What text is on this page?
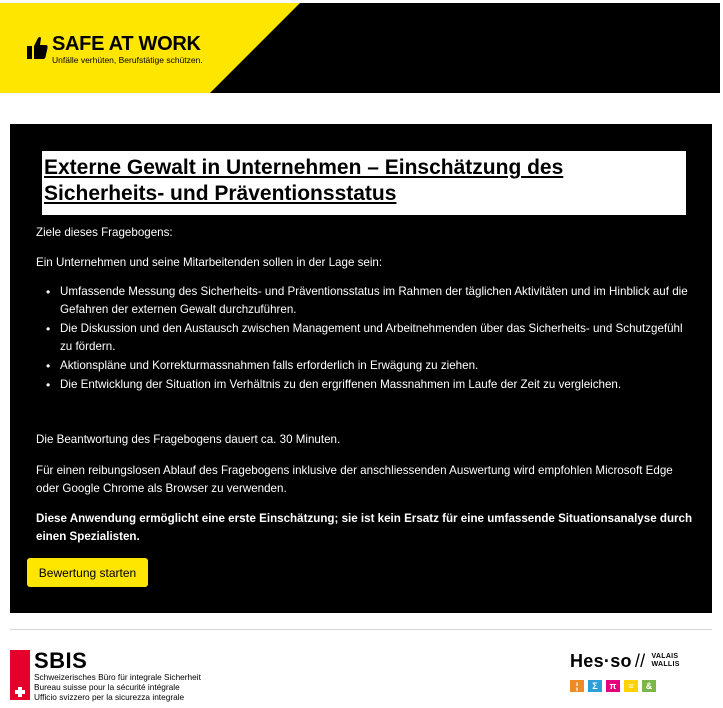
SAFE AT WORK
Unfälle verhüten, Berufstätige schützen.
Externe Gewalt in Unternehmen – Einschätzung des Sicherheits- und Präventionsstatus
Ziele dieses Fragebogens:
Ein Unternehmen und seine Mitarbeitenden sollen in der Lage sein:
• Umfassende Messung des Sicherheits- und Präventionsstatus im Rahmen der täglichen Aktivitäten und im Hinblick auf die Gefahren der externen Gewalt durchzuführen.
• Die Diskussion und den Austausch zwischen Management und Arbeitnehmenden über das Sicherheits- und Schutzgefühl zu fördern.
• Aktionspläne und Korrekturmassnahmen falls erforderlich in Erwägung zu ziehen.
• Die Entwicklung der Situation im Verhältnis zu den ergriffenen Massnahmen im Laufe der Zeit zu vergleichen.
Die Beantwortung des Fragebogens dauert ca. 30 Minuten.
Für einen reibungslosen Ablauf des Fragebogens inklusive der anschliessenden Auswertung wird empfohlen Microsoft Edge oder Google Chrome als Browser zu verwenden.
Diese Anwendung ermöglicht eine erste Einschätzung; sie ist kein Ersatz für eine umfassende Situationsanalyse durch einen Spezialisten.
Bewertung starten
SBIS
Schweizerisches Büro für integrale Sicherheit
Bureau suisse pour la sécurité intégrale
Ufficio svizzero per la sicurezza integrale
Hes · so // VALAIS
WALLIS
¦	Σ	π	≈	&
